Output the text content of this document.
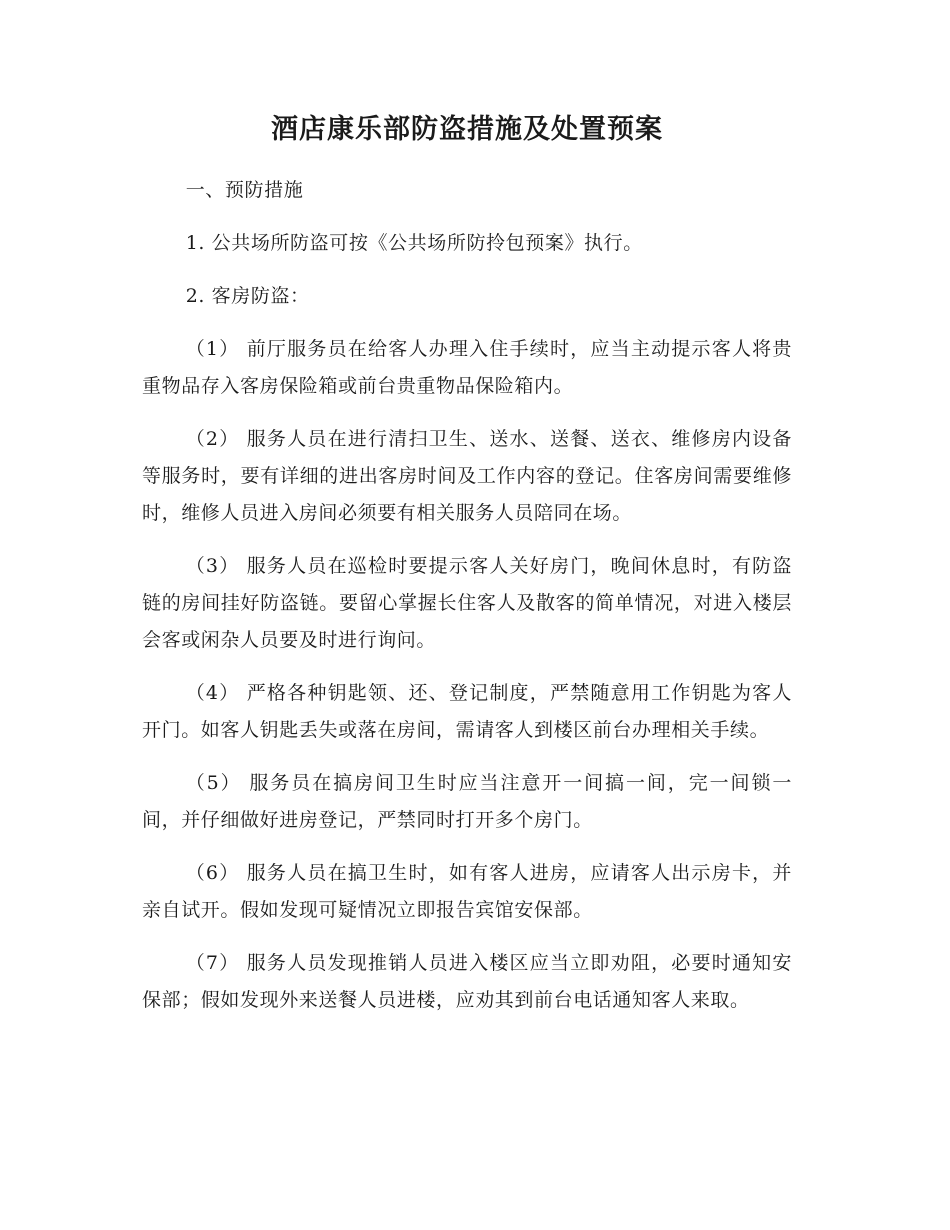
酒店康乐部防盗措施及处置预案

一、预防措施

1. 公共场所防盗可按《公共场所防拎包预案》执行。

2. 客房防盗：

（1） 前厅服务员在给客人办理入住手续时，应当主动提示客人将贵重物品存入客房保险箱或前台贵重物品保险箱内。

（2） 服务人员在进行清扫卫生、送水、送餐、送衣、维修房内设备等服务时，要有详细的进出客房时间及工作内容的登记。住客房间需要维修时，维修人员进入房间必须要有相关服务人员陪同在场。

（3） 服务人员在巡检时要提示客人关好房门，晚间休息时，有防盗链的房间挂好防盗链。要留心掌握长住客人及散客的简单情况，对进入楼层会客或闲杂人员要及时进行询问。

（4） 严格各种钥匙领、还、登记制度，严禁随意用工作钥匙为客人开门。如客人钥匙丢失或落在房间，需请客人到楼区前台办理相关手续。

（5） 服务员在搞房间卫生时应当注意开一间搞一间，完一间锁一间，并仔细做好进房登记，严禁同时打开多个房门。

（6） 服务人员在搞卫生时，如有客人进房，应请客人出示房卡，并亲自试开。假如发现可疑情况立即报告宾馆安保部。

（7） 服务人员发现推销人员进入楼区应当立即劝阻，必要时通知安保部；假如发现外来送餐人员进楼，应劝其到前台电话通知客人来取。
